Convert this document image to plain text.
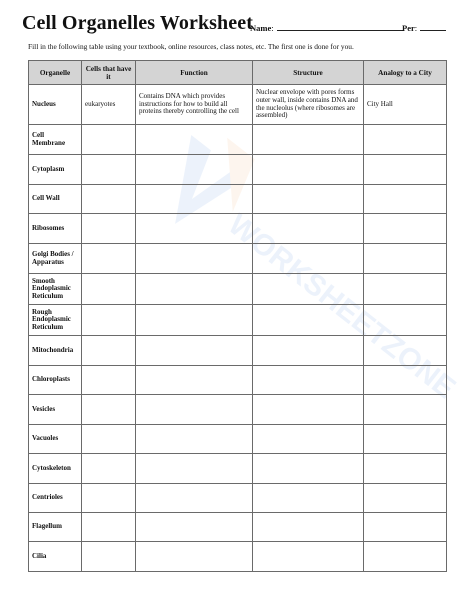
Cell Organelles Worksheet
Name:	Per:
Fill in the following table using your textbook, online resources, class notes, etc. The first one is done for you.
WORKSHEETZONE
Organelle	Cells that have it	Function	Structure	Analogy to a City
Nucleus	eukaryotes	Contains DNA which provides instructions for how to build all proteins thereby controlling the cell	Nuclear envelope with pores forms outer wall, inside contains DNA and the nucleolus (where ribosomes are assembled)	City Hall
Cell Membrane				
Cytoplasm				
Cell Wall				
Ribosomes				
Golgi Bodies / Apparatus				
Smooth Endoplasmic Reticulum				
Rough Endoplasmic Reticulum				
Mitochondria				
Chloroplasts				
Vesicles				
Vacuoles				
Cytoskeleton				
Centrioles				
Flagellum				
Cilia				
